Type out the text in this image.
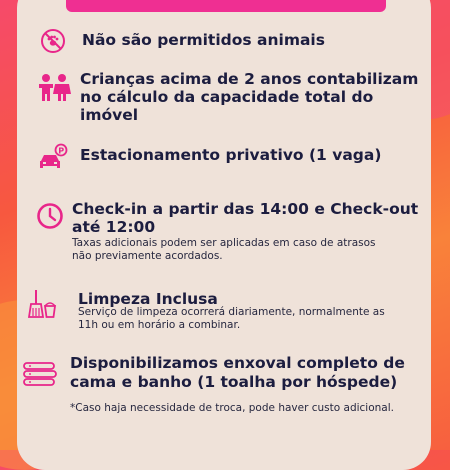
Não são permitidos animais
Crianças acima de 2 anos contabilizam
no cálculo da capacidade total do
imóvel
P Estacionamento privativo (1 vaga)
Check-in a partir das 14:00 e Check-out
até 12:00
Taxas adicionais podem ser aplicadas em caso de atrasos
não previamente acordados.
Limpeza Inclusa
Serviço de limpeza ocorrerá diariamente, normalmente as
11h ou em horário a combinar.
Disponibilizamos enxoval completo de
cama e banho (1 toalha por hóspede)
*Caso haja necessidade de troca, pode haver custo adicional.
